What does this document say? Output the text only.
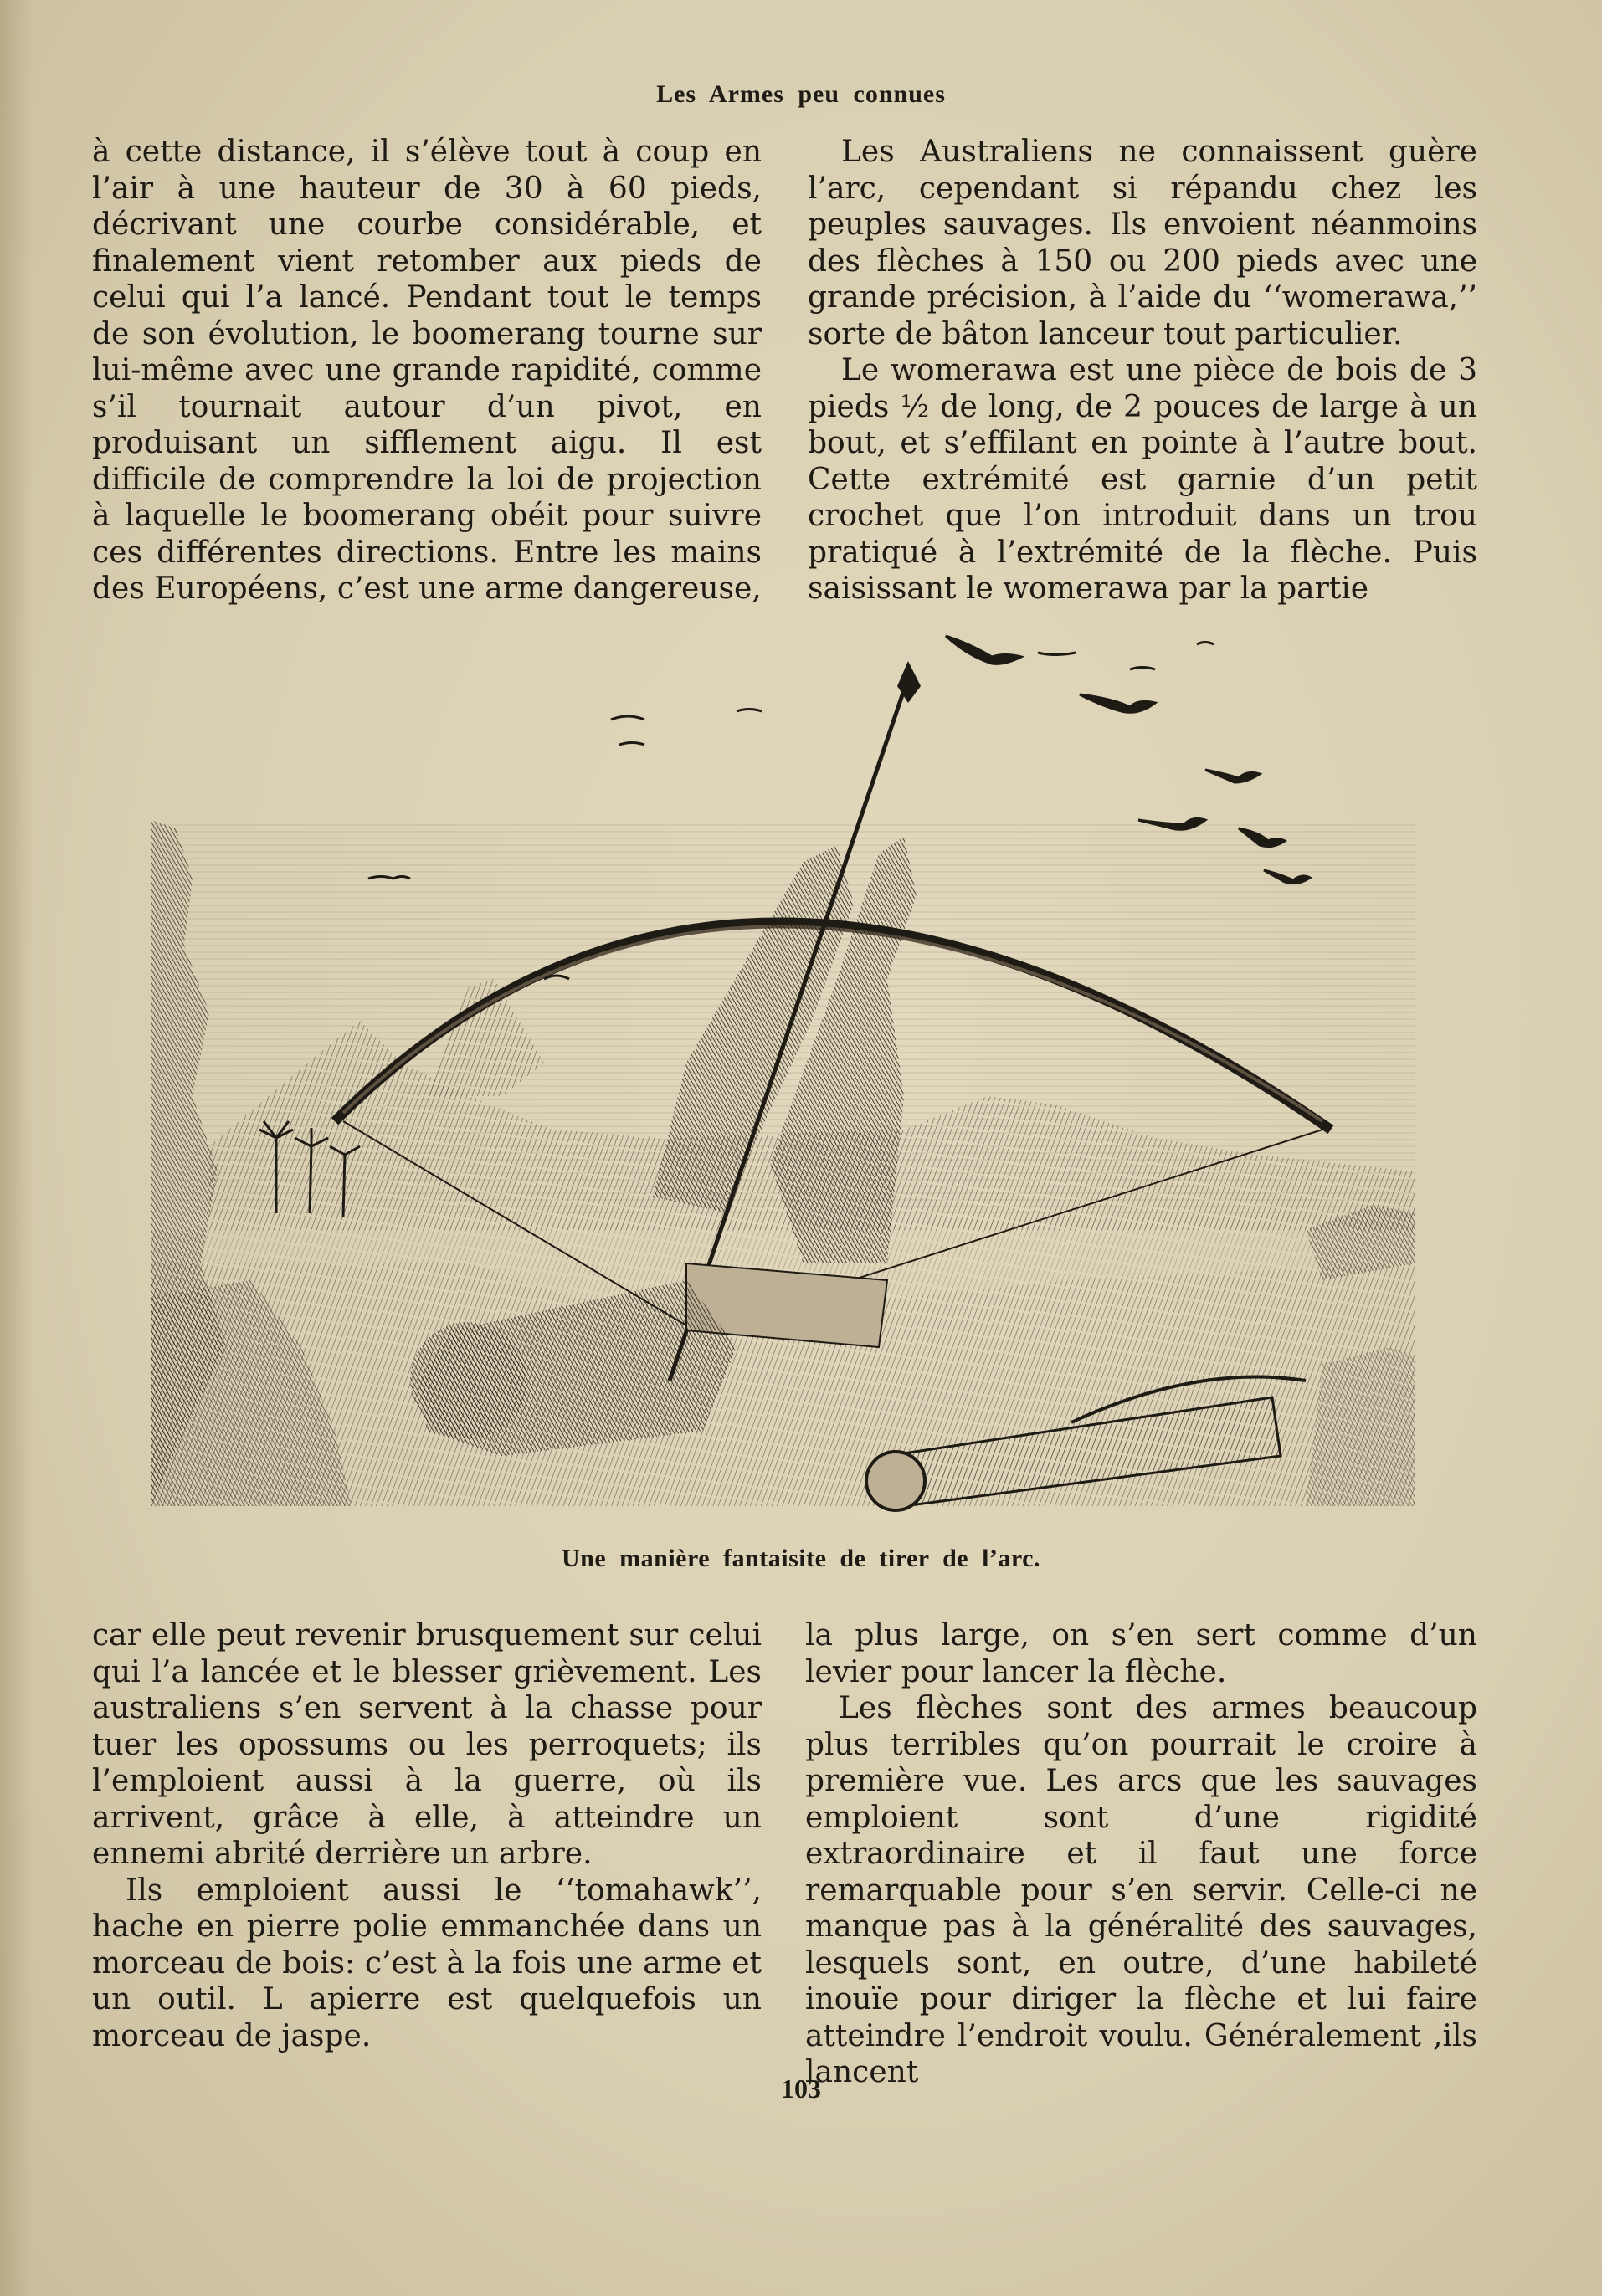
Les Armes peu connues

à cette distance, il s’élève tout à coup en l’air à une hauteur de 30 à 60 pieds, décrivant une courbe considérable, et finalement vient retomber aux pieds de celui qui l’a lancé. Pendant tout le temps de son évolution, le boomerang tourne sur lui-même avec une grande rapidité, comme s’il tournait autour d’un pivot, en produisant un sifflement aigu. Il est difficile de comprendre la loi de projection à laquelle le boomerang obéit pour suivre ces différentes directions. Entre les mains des Européens, c’est une arme dangereuse,

Les Australiens ne connaissent guère l’arc, cependant si répandu chez les peuples sauvages. Ils envoient néanmoins des flèches à 150 ou 200 pieds avec une grande précision, à l’aide du ‘‘womerawa,’’ sorte de bâton lanceur tout particulier.

Le womerawa est une pièce de bois de 3 pieds ½ de long, de 2 pouces de large à un bout, et s’effilant en pointe à l’autre bout. Cette extrémité est garnie d’un petit crochet que l’on introduit dans un trou pratiqué à l’extrémité de la flèche. Puis saisissant le womerawa par la partie

Une manière fantaisite de tirer de l’arc.

car elle peut revenir brusquement sur celui qui l’a lancée et le blesser grièvement. Les australiens s’en servent à la chasse pour tuer les opossums ou les perroquets; ils l’emploient aussi à la guerre, où ils arrivent, grâce à elle, à atteindre un ennemi abrité derrière un arbre.

Ils emploient aussi le ‘‘tomahawk’’, hache en pierre polie emmanchée dans un morceau de bois: c’est à la fois une arme et un outil. L apierre est quelquefois un morceau de jaspe.

la plus large, on s’en sert comme d’un levier pour lancer la flèche.

Les flèches sont des armes beaucoup plus terribles qu’on pourrait le croire à première vue. Les arcs que les sauvages emploient sont d’une rigidité extraordinaire et il faut une force remarquable pour s’en servir. Celle-ci ne manque pas à la généralité des sauvages, lesquels sont, en outre, d’une habileté inouïe pour diriger la flèche et lui faire atteindre l’endroit voulu. Généralement ,ils lancent

103
